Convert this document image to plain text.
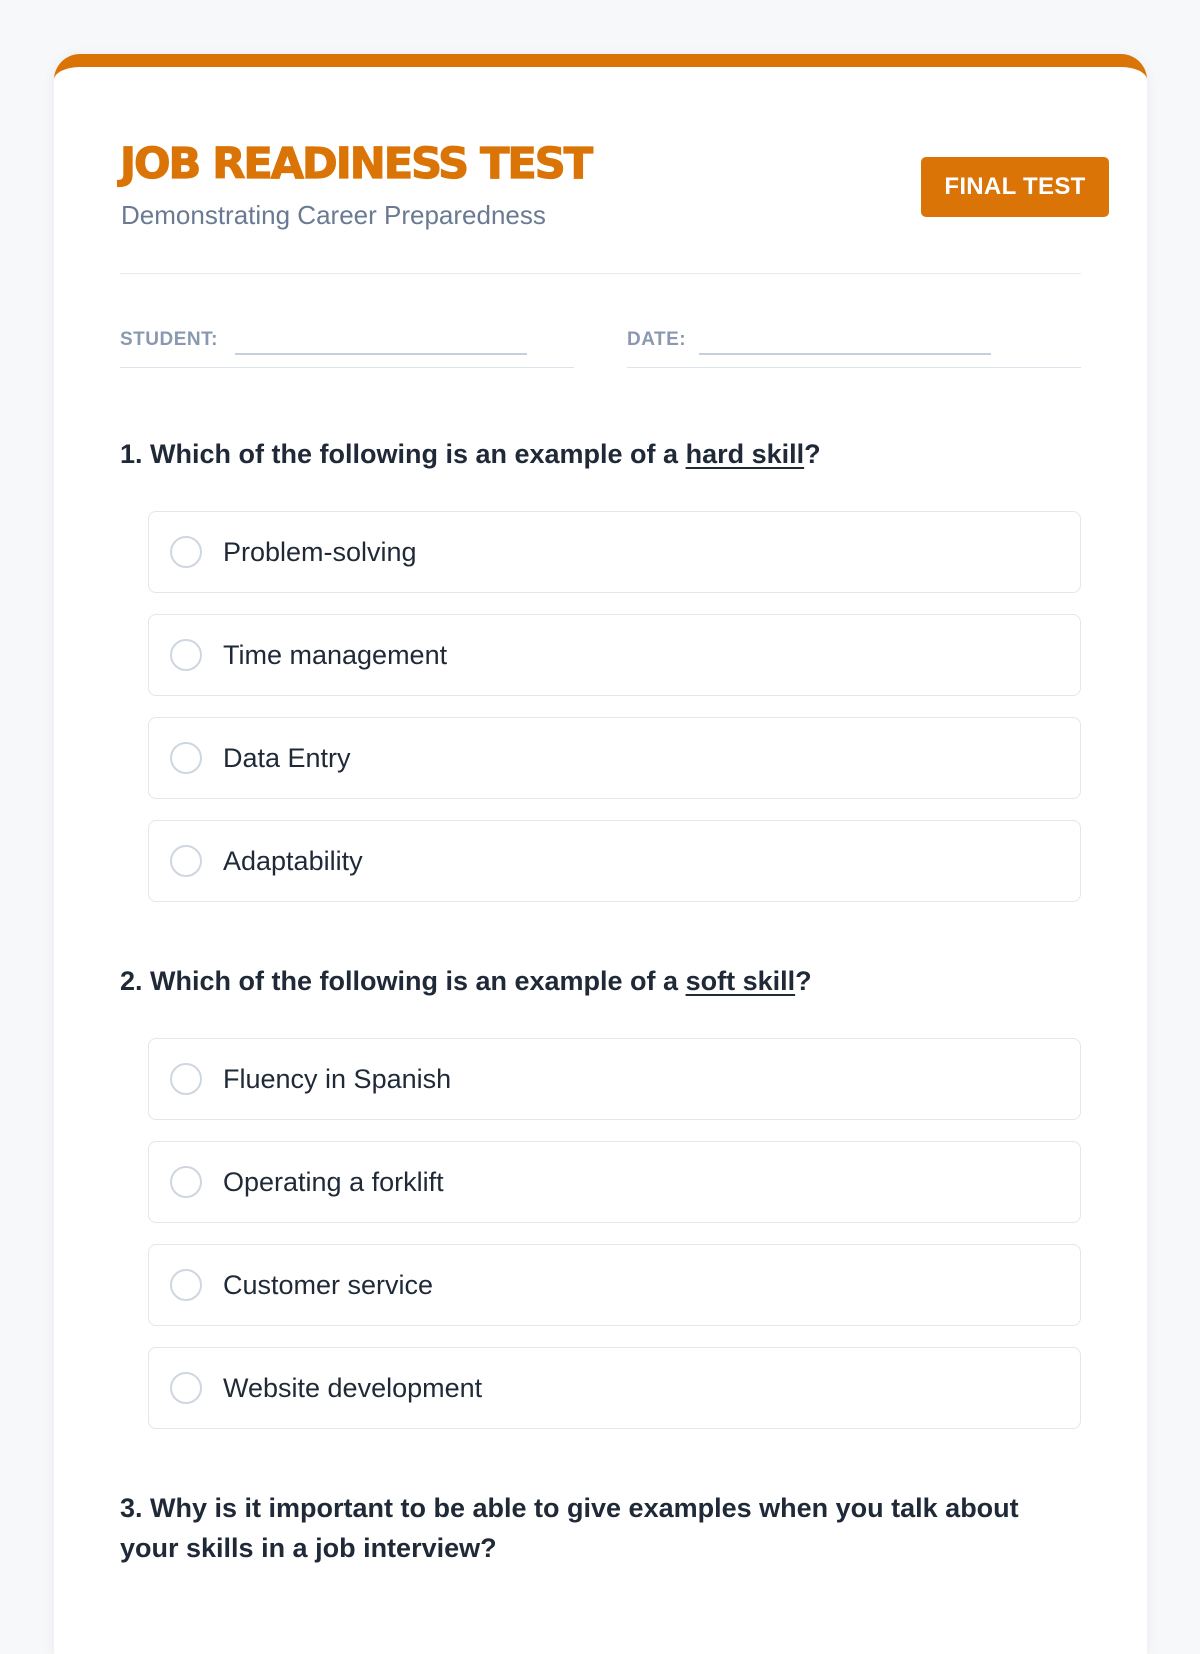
JOB READINESS TEST
Demonstrating Career Preparedness
FINAL TEST
STUDENT:	DATE:

1. Which of the following is an example of a hard skill?

Problem-solving
Time management
Data Entry
Adaptability

2. Which of the following is an example of a soft skill?

Fluency in Spanish
Operating a forklift
Customer service
Website development

3. Why is it important to be able to give examples when you talk about your skills in a job interview?
